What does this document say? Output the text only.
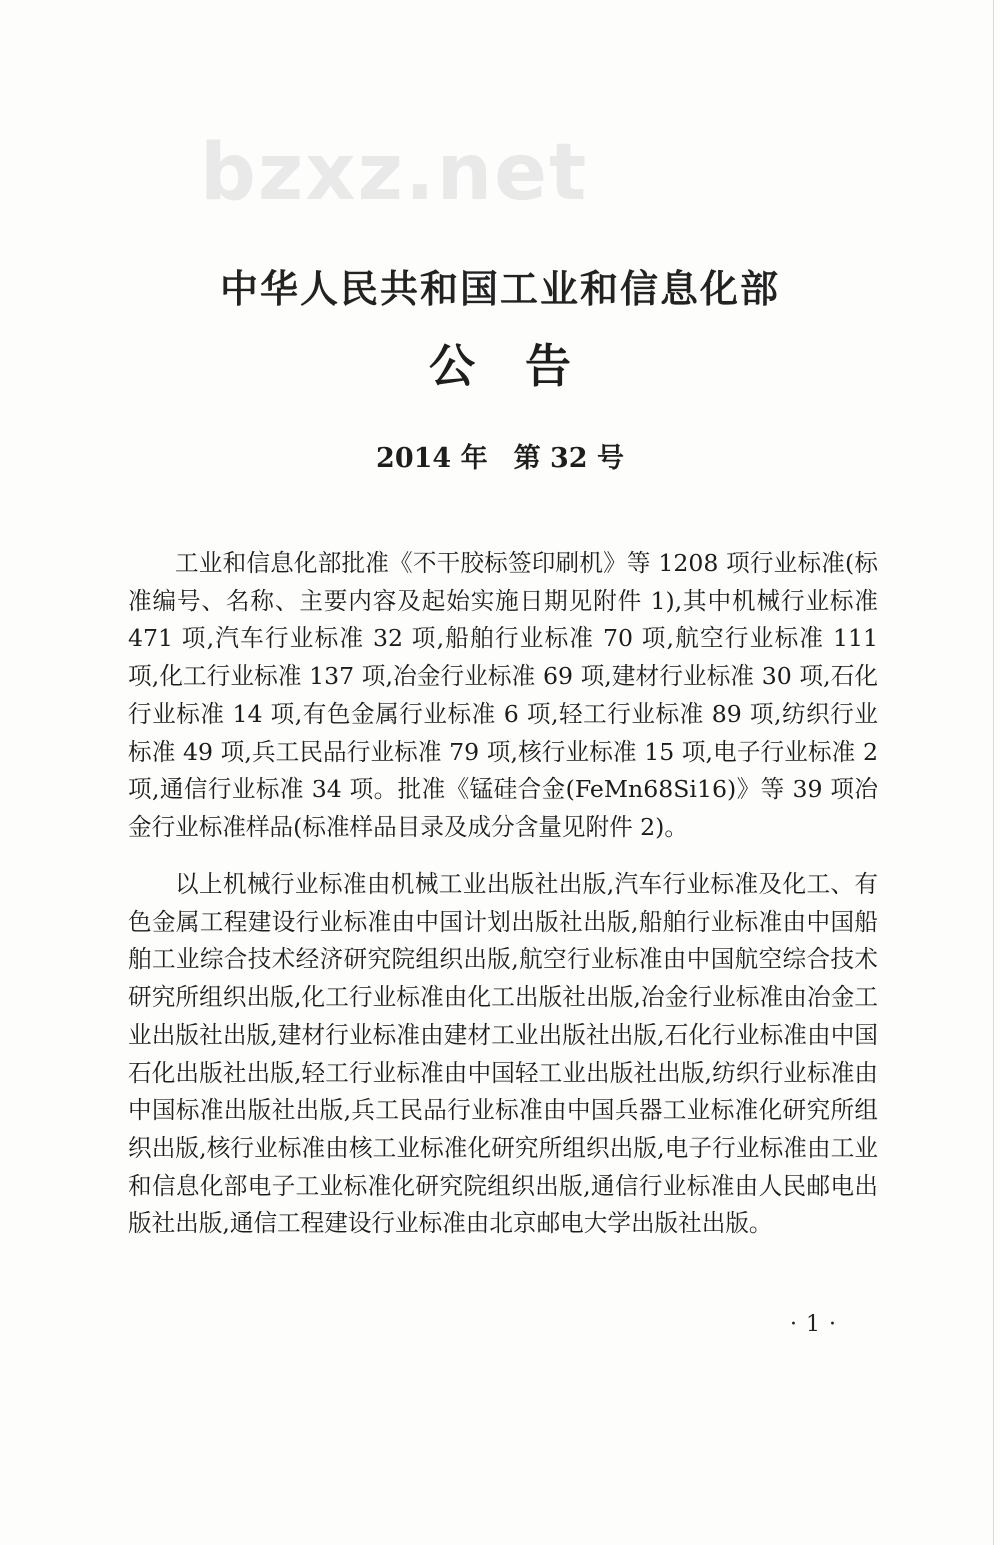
bzxz.net
中华人民共和国工业和信息化部
公告
2014 年 第 32 号

工业和信息化部批准《不干胶标签印刷机》等 1208 项行业标准(标准编号、名称、主要内容及起始实施日期见附件 1),其中机械行业标准 471 项,汽车行业标准 32 项,船舶行业标准 70 项,航空行业标准 111 项,化工行业标准 137 项,冶金行业标准 69 项,建材行业标准 30 项,石化行业标准 14 项,有色金属行业标准 6 项,轻工行业标准 89 项,纺织行业标准 49 项,兵工民品行业标准 79 项,核行业标准 15 项,电子行业标准 2 项,通信行业标准 34 项。批准《锰硅合金(FeMn68Si16)》等 39 项冶金行业标准样品(标准样品目录及成分含量见附件 2)。

以上机械行业标准由机械工业出版社出版,汽车行业标准及化工、有色金属工程建设行业标准由中国计划出版社出版,船舶行业标准由中国船舶工业综合技术经济研究院组织出版,航空行业标准由中国航空综合技术研究所组织出版,化工行业标准由化工出版社出版,冶金行业标准由冶金工业出版社出版,建材行业标准由建材工业出版社出版,石化行业标准由中国石化出版社出版,轻工行业标准由中国轻工业出版社出版,纺织行业标准由中国标准出版社出版,兵工民品行业标准由中国兵器工业标准化研究所组织出版,核行业标准由核工业标准化研究所组织出版,电子行业标准由工业和信息化部电子工业标准化研究院组织出版,通信行业标准由人民邮电出版社出版,通信工程建设行业标准由北京邮电大学出版社出版。

· 1 ·
